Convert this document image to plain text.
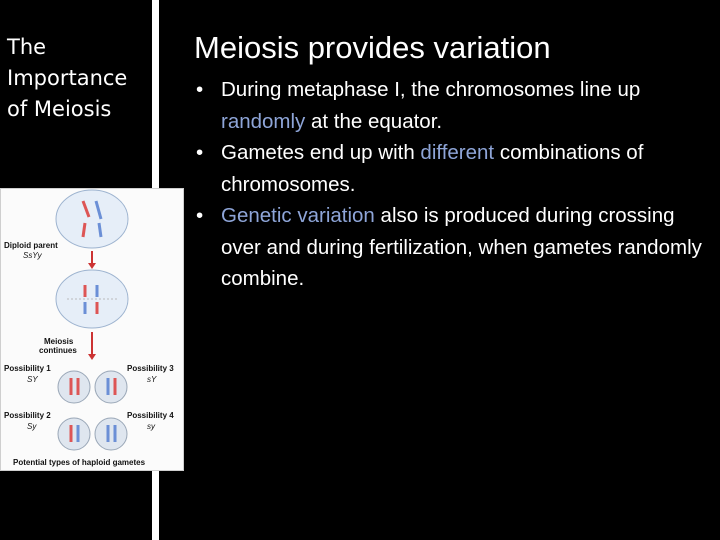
The
Importance
of Meiosis
Meiosis provides variation
• During metaphase I, the chromosomes line up randomly at the equator.
• Gametes end up with different combinations of chromosomes.
• Genetic variation also is produced during crossing over and during fertilization, when gametes randomly combine.
Diploid parent
SsYy
Meiosis
continues
Possibility 1
SY
Possibility 3
sY
Possibility 2
Sy
Possibility 4
sy
Potential types of haploid gametes
